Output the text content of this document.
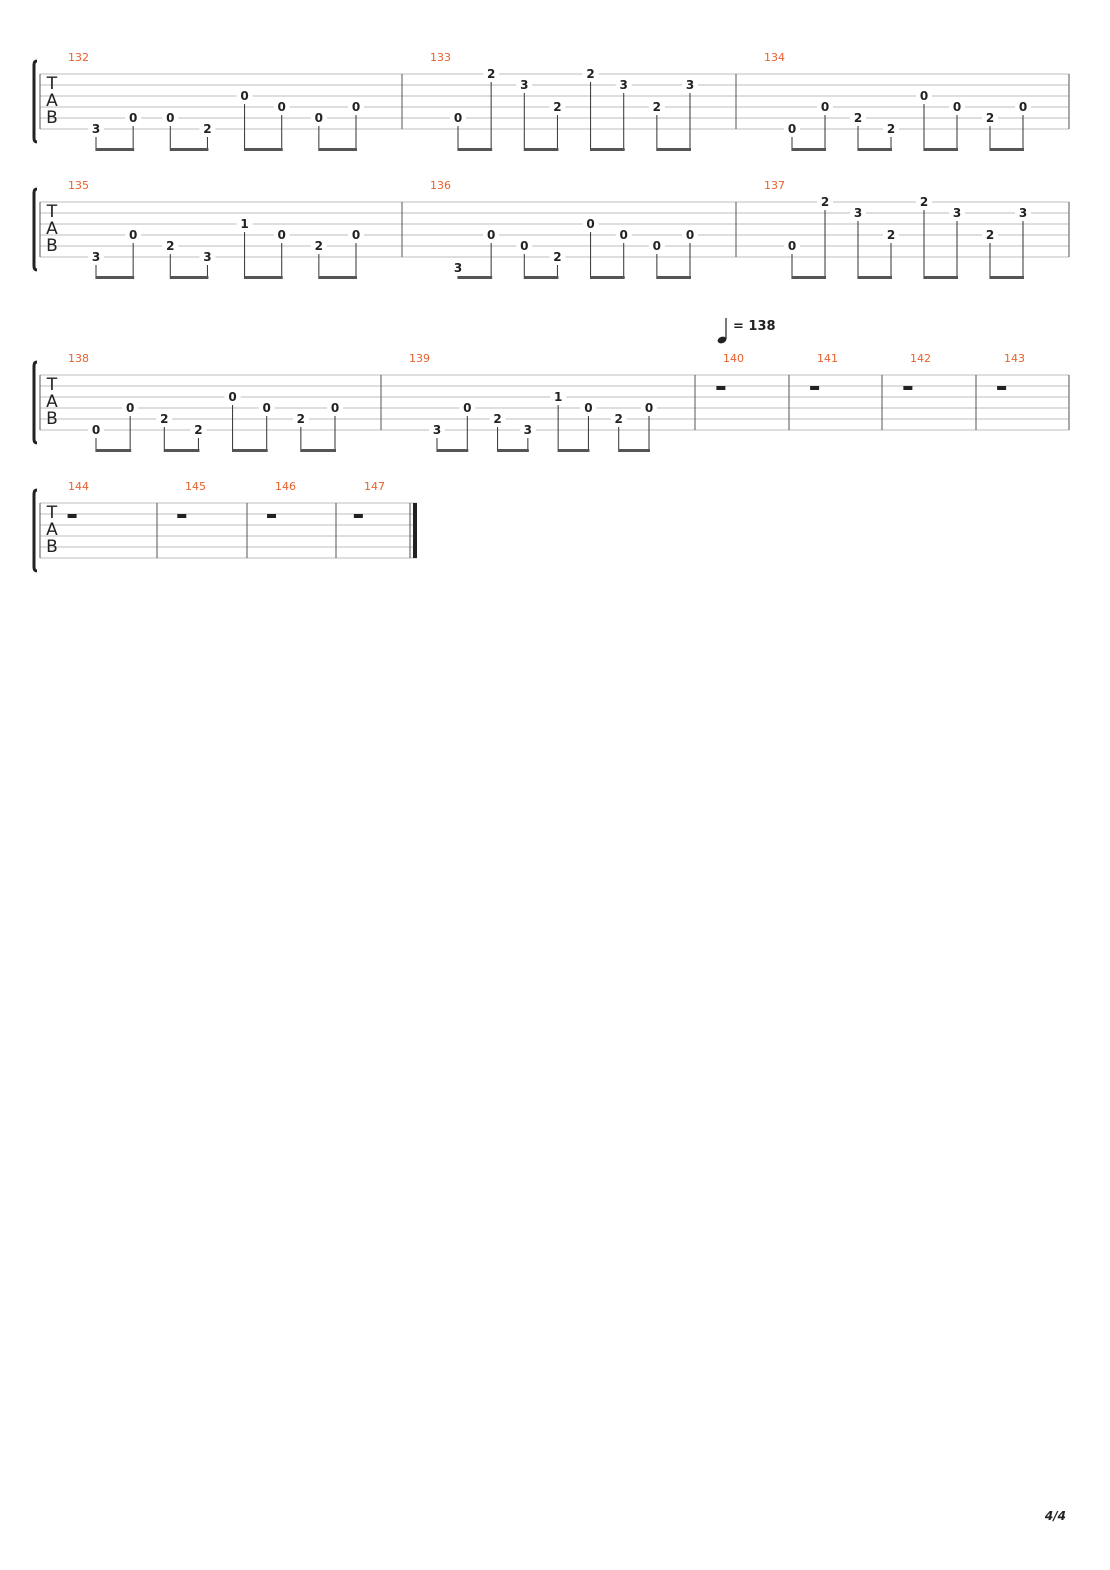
T
A
B
132
3
0 0
2
0
0
0
0
133
0
2
3
2
2
3
2
3
134
0
0
2
2
0
0
2
0
T
A
B
135
3
0
2
3
1
0
2
0
136
3
0
0
2
0
0
0
0
137
0
2
3
2
2
3
2
3
T
A
B
138
0
0
2
2
0
0
2
0
139
3
0
2
3
1
0
2
0
140	141	142	143
T
A
B
144	145	146	147
= 138
4/4
